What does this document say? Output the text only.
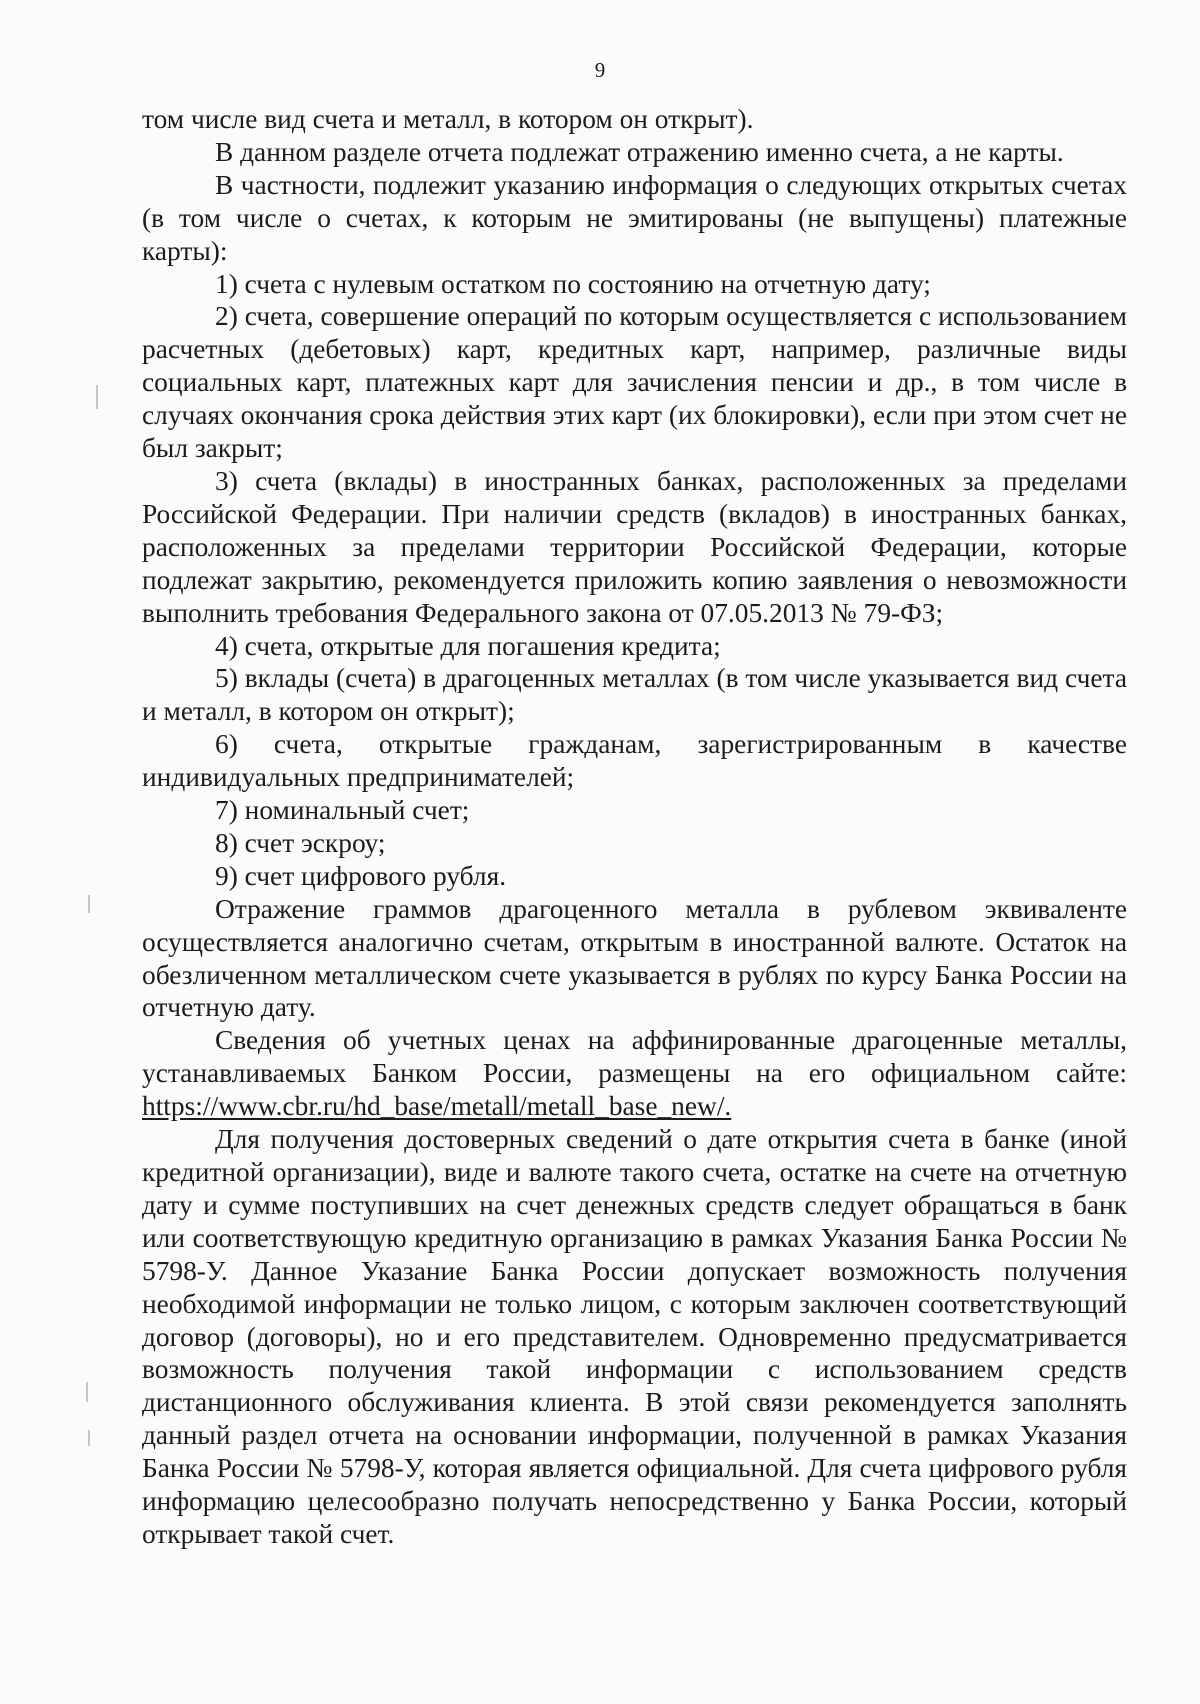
9

том числе вид счета и металл, в котором он открыт).

В данном разделе отчета подлежат отражению именно счета, а не карты.

В частности, подлежит указанию информация о следующих открытых счетах (в том числе о счетах, к которым не эмитированы (не выпущены) платежные карты):

1) счета с нулевым остатком по состоянию на отчетную дату;

2) счета, совершение операций по которым осуществляется с использованием расчетных (дебетовых) карт, кредитных карт, например, различные виды социальных карт, платежных карт для зачисления пенсии и др., в том числе в случаях окончания срока действия этих карт (их блокировки), если при этом счет не был закрыт;

3) счета (вклады) в иностранных банках, расположенных за пределами Российской Федерации. При наличии средств (вкладов) в иностранных банках, расположенных за пределами территории Российской Федерации, которые подлежат закрытию, рекомендуется приложить копию заявления о невозможности выполнить требования Федерального закона от 07.05.2013 № 79-ФЗ;

4) счета, открытые для погашения кредита;

5) вклады (счета) в драгоценных металлах (в том числе указывается вид счета и металл, в котором он открыт);

6) счета, открытые гражданам, зарегистрированным в качестве индивидуальных предпринимателей;

7) номинальный счет;

8) счет эскроу;

9) счет цифрового рубля.

Отражение граммов драгоценного металла в рублевом эквиваленте осуществляется аналогично счетам, открытым в иностранной валюте. Остаток на обезличенном металлическом счете указывается в рублях по курсу Банка России на отчетную дату.

Сведения об учетных ценах на аффинированные драгоценные металлы, устанавливаемых Банком России, размещены на его официальном сайте: https://www.cbr.ru/hd_base/metall/metall_base_new/.

Для получения достоверных сведений о дате открытия счета в банке (иной кредитной организации), виде и валюте такого счета, остатке на счете на отчетную дату и сумме поступивших на счет денежных средств следует обращаться в банк или соответствующую кредитную организацию в рамках Указания Банка России № 5798-У. Данное Указание Банка России допускает возможность получения необходимой информации не только лицом, с которым заключен соответствующий договор (договоры), но и его представителем. Одновременно предусматривается возможность получения такой информации с использованием средств дистанционного обслуживания клиента. В этой связи рекомендуется заполнять данный раздел отчета на основании информации, полученной в рамках Указания Банка России № 5798-У, которая является официальной. Для счета цифрового рубля информацию целесообразно получать непосредственно у Банка России, который открывает такой счет.
